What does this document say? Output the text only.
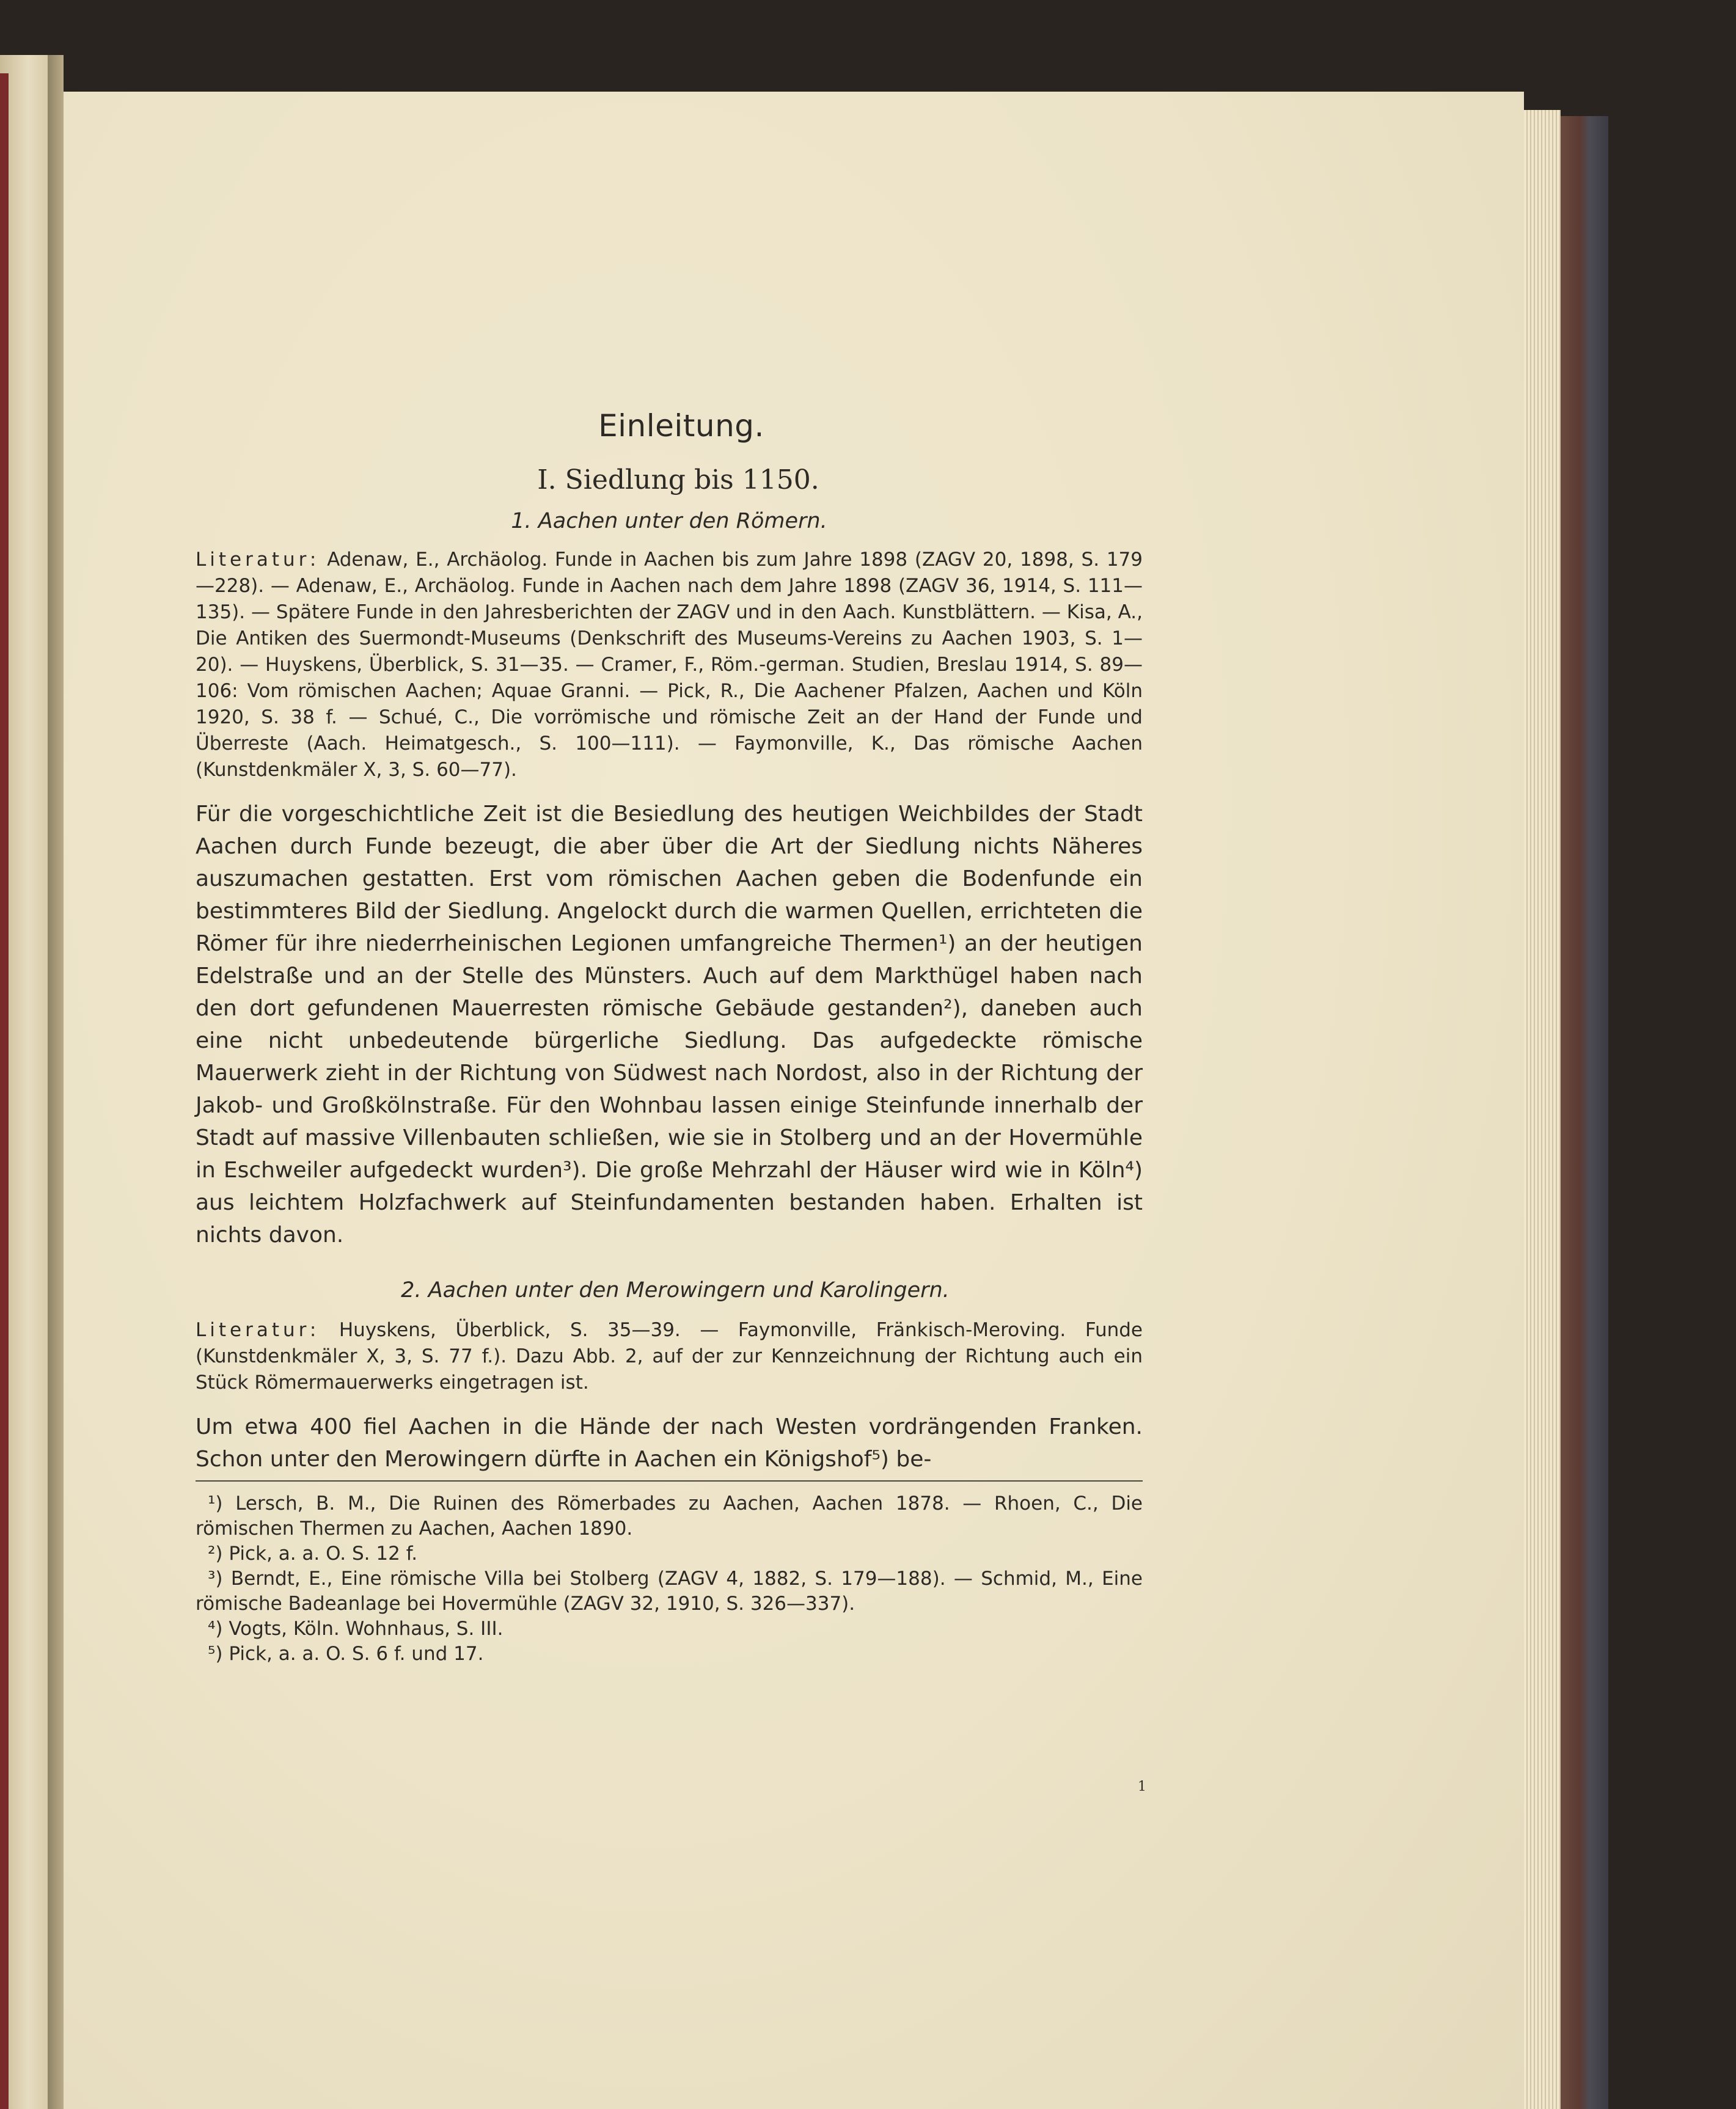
Einleitung.
I. Siedlung bis 1150.
1. Aachen unter den Römern.

Literatur: Adenaw, E., Archäolog. Funde in Aachen bis zum Jahre 1898 (ZAGV 20, 1898, S. 179—228). — Adenaw, E., Archäolog. Funde in Aachen nach dem Jahre 1898 (ZAGV 36, 1914, S. 111—135). — Spätere Funde in den Jahresberichten der ZAGV und in den Aach. Kunstblättern. — Kisa, A., Die Antiken des Suermondt-Museums (Denkschrift des Museums-Vereins zu Aachen 1903, S. 1—20). — Huyskens, Überblick, S. 31—35. — Cramer, F., Röm.-german. Studien, Breslau 1914, S. 89—106: Vom römischen Aachen; Aquae Granni. — Pick, R., Die Aachener Pfalzen, Aachen und Köln 1920, S. 38 f. — Schué, C., Die vorrömische und römische Zeit an der Hand der Funde und Überreste (Aach. Heimatgesch., S. 100—111). — Faymonville, K., Das römische Aachen (Kunstdenkmäler X, 3, S. 60—77).

Für die vorgeschichtliche Zeit ist die Besiedlung des heutigen Weichbildes der Stadt Aachen durch Funde bezeugt, die aber über die Art der Siedlung nichts Näheres auszumachen gestatten. Erst vom römischen Aachen geben die Bodenfunde ein bestimmteres Bild der Siedlung. Angelockt durch die warmen Quellen, errichteten die Römer für ihre niederrheinischen Legionen umfangreiche Thermen¹) an der heutigen Edelstraße und an der Stelle des Münsters. Auch auf dem Markthügel haben nach den dort gefundenen Mauerresten römische Gebäude gestanden²), daneben auch eine nicht unbedeutende bürgerliche Siedlung. Das aufgedeckte römische Mauerwerk zieht in der Richtung von Südwest nach Nordost, also in der Richtung der Jakob- und Großkölnstraße. Für den Wohnbau lassen einige Steinfunde innerhalb der Stadt auf massive Villenbauten schließen, wie sie in Stolberg und an der Hovermühle in Eschweiler aufgedeckt wurden³). Die große Mehrzahl der Häuser wird wie in Köln⁴) aus leichtem Holzfachwerk auf Steinfundamenten bestanden haben. Erhalten ist nichts davon.

2. Aachen unter den Merowingern und Karolingern.

Literatur: Huyskens, Überblick, S. 35—39. — Faymonville, Fränkisch-Meroving. Funde (Kunstdenkmäler X, 3, S. 77 f.). Dazu Abb. 2, auf der zur Kennzeichnung der Richtung auch ein Stück Römermauerwerks eingetragen ist.

Um etwa 400 fiel Aachen in die Hände der nach Westen vordrängenden Franken. Schon unter den Merowingern dürfte in Aachen ein Königshof⁵) be-

¹) Lersch, B. M., Die Ruinen des Römerbades zu Aachen, Aachen 1878. — Rhoen, C., Die römischen Thermen zu Aachen, Aachen 1890.

²) Pick, a. a. O. S. 12 f.

³) Berndt, E., Eine römische Villa bei Stolberg (ZAGV 4, 1882, S. 179—188). — Schmid, M., Eine römische Badeanlage bei Hovermühle (ZAGV 32, 1910, S. 326—337).

⁴) Vogts, Köln. Wohnhaus, S. III.

⁵) Pick, a. a. O. S. 6 f. und 17.

1
